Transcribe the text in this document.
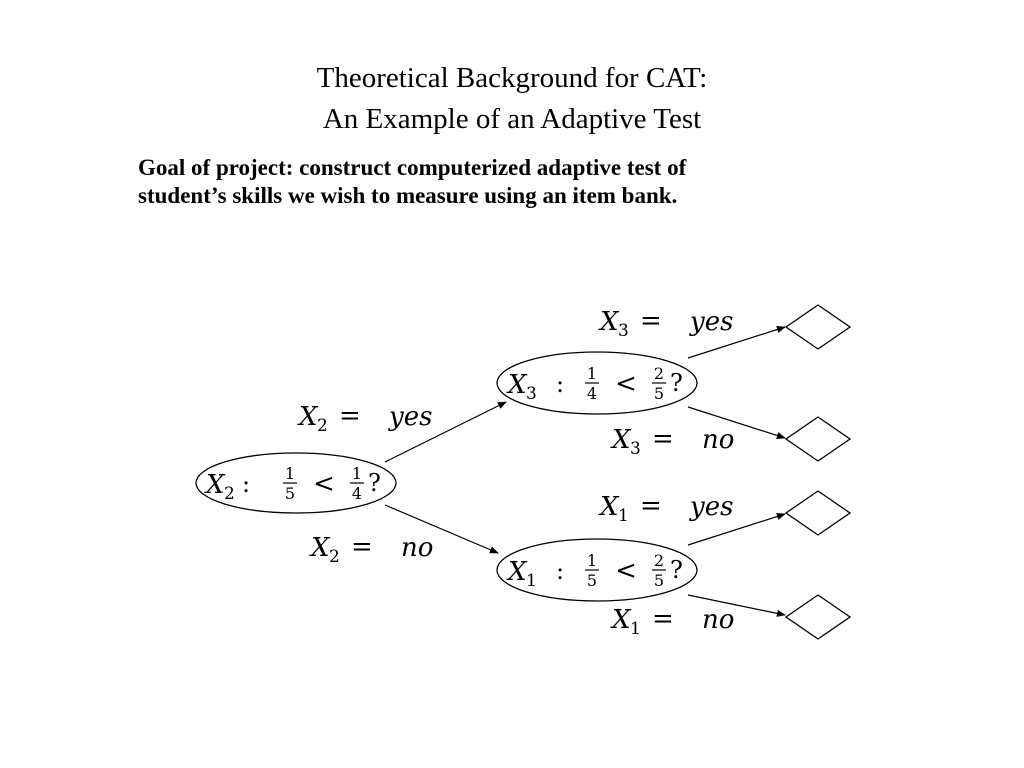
Theoretical Background for CAT:
An Example of an Adaptive Test
Goal of project: construct computerized adaptive test of
student’s skills we wish to measure using an item bank.
X 2 : 1
5 < 1
4 ?
X 3 : 1
4 < 2
5 ?
X 1 : 1
5 < 2
5 ?
X 2 = yes
X 2 = no
X 3 = yes
X 3 = no
X 1 = yes
X 1 = no
